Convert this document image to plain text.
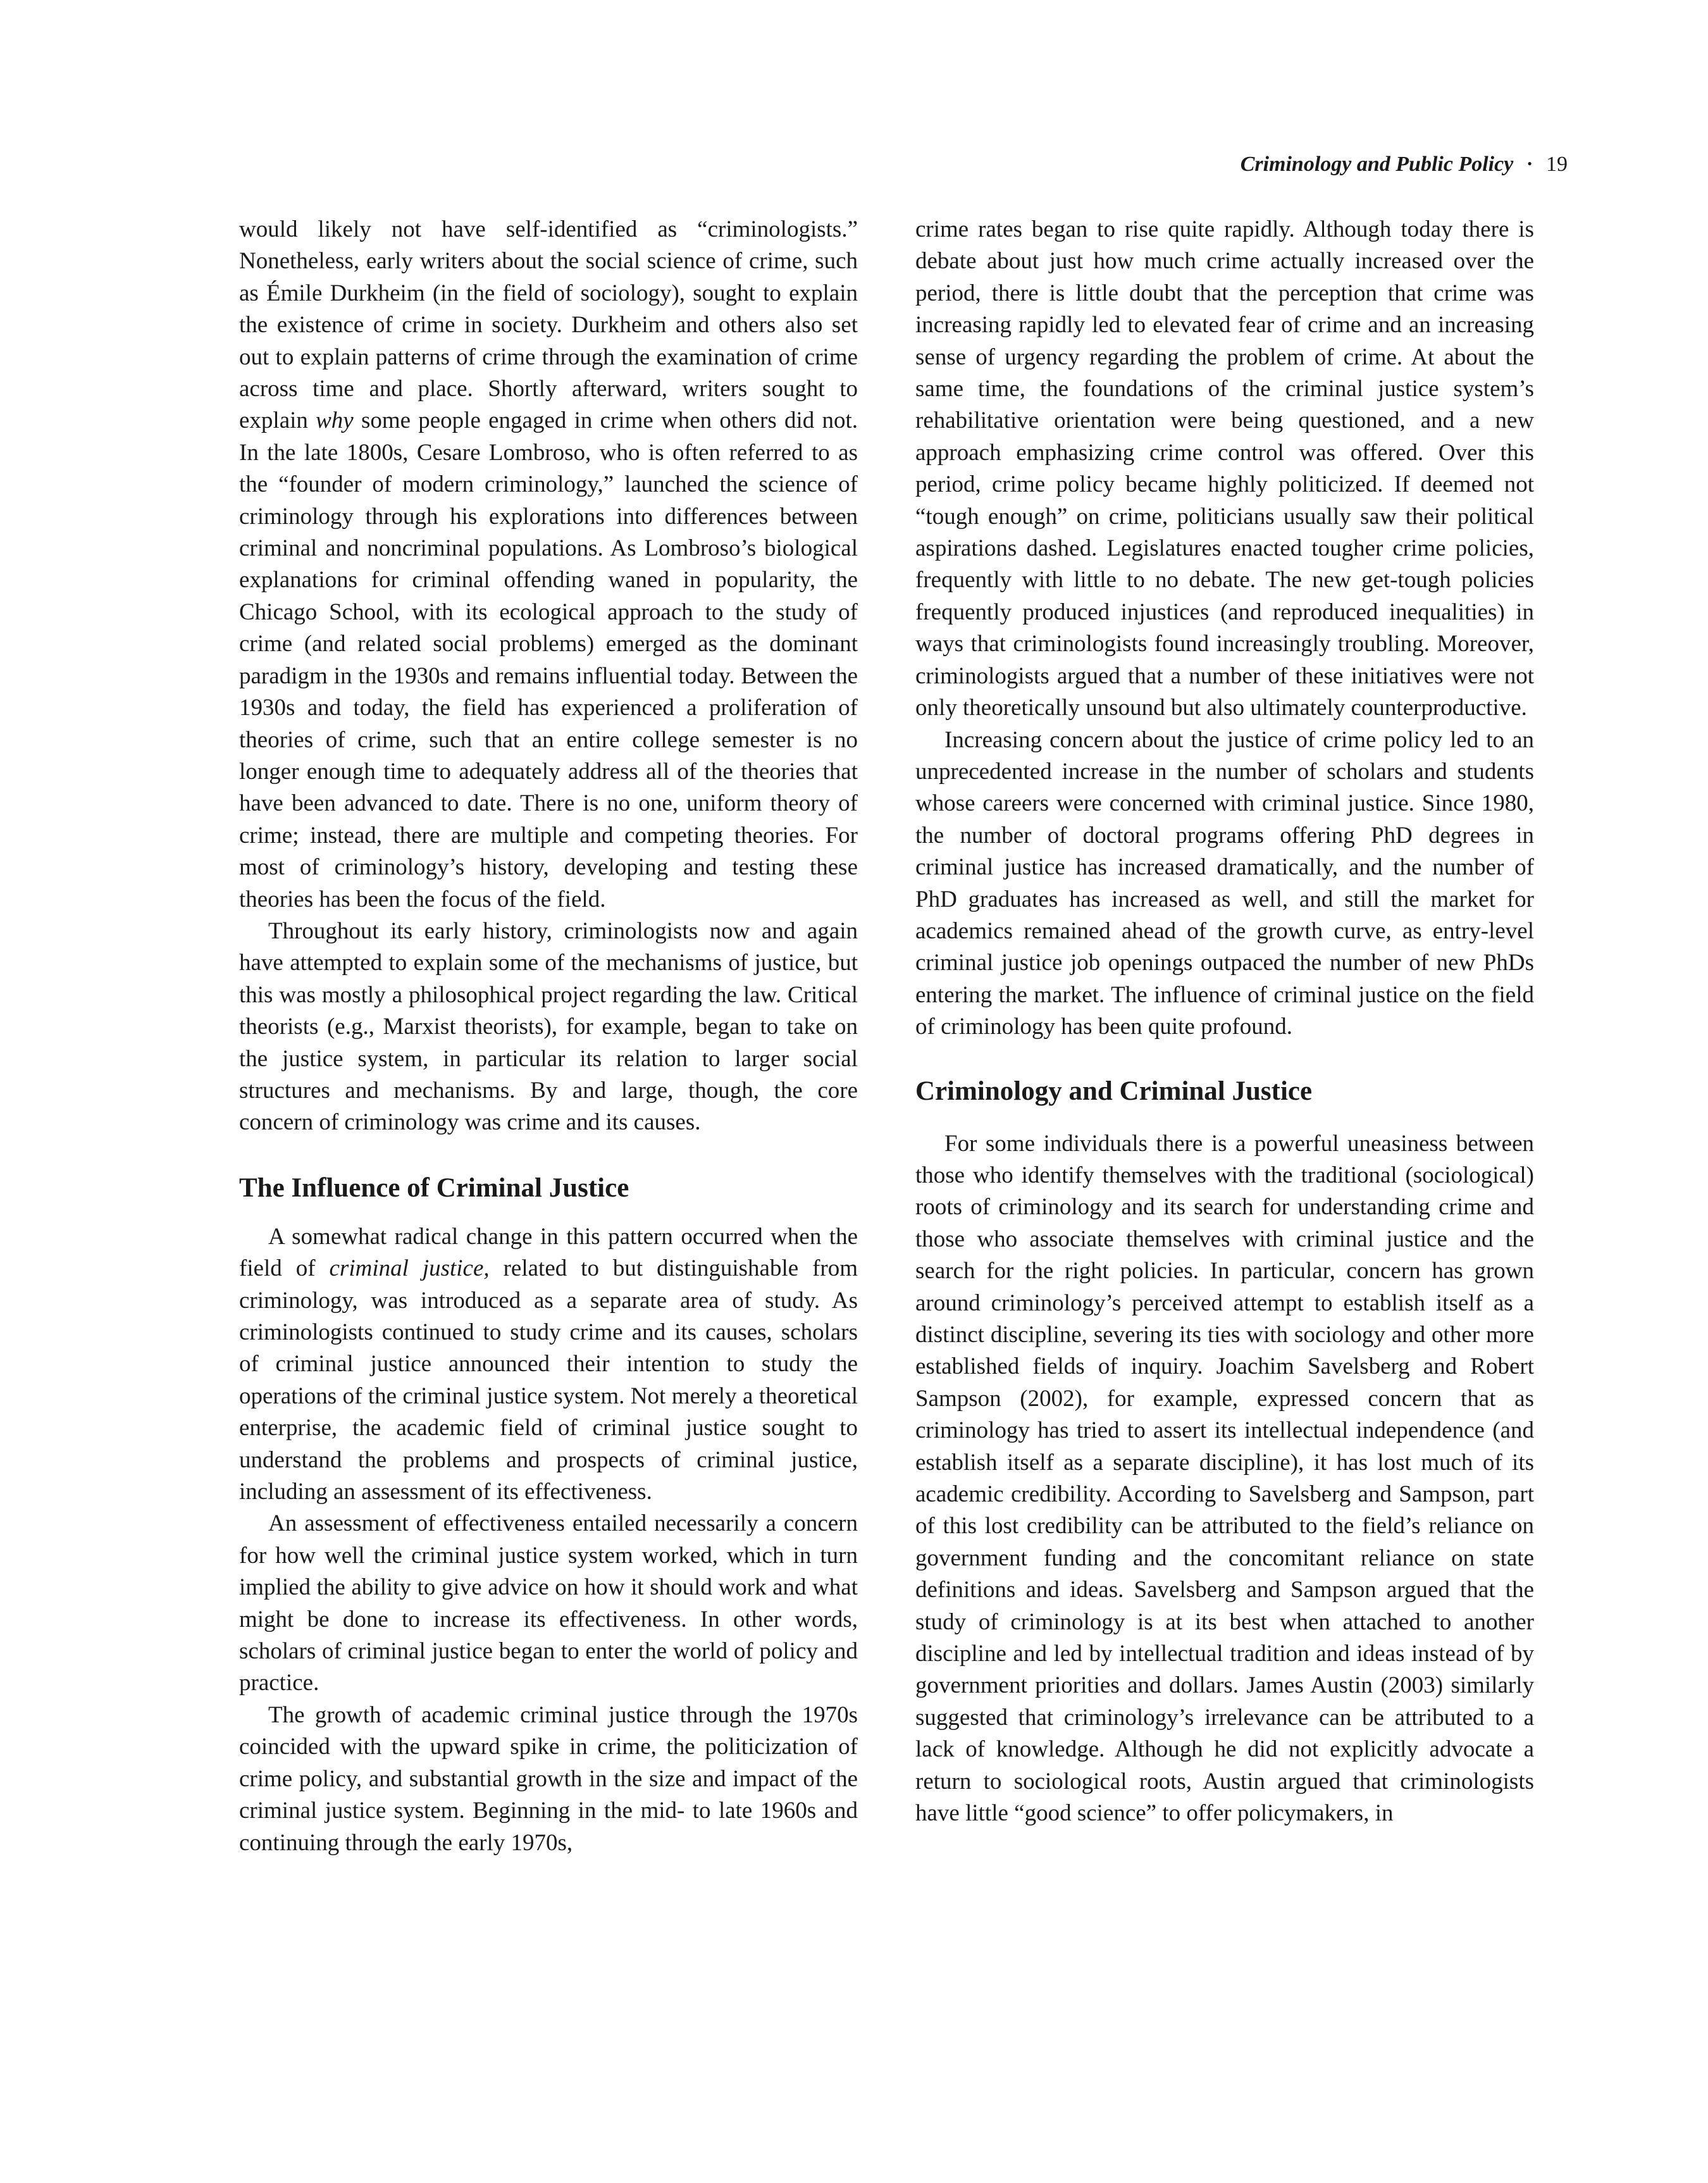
Criminology and Public Policy • 19

would likely not have self-identified as “criminologists.” Nonetheless, early writers about the social science of crime, such as Émile Durkheim (in the field of sociology), sought to explain the existence of crime in society. Durkheim and others also set out to explain patterns of crime through the examination of crime across time and place. Shortly afterward, writers sought to explain why some people engaged in crime when others did not. In the late 1800s, Cesare Lombroso, who is often referred to as the “founder of modern criminology,” launched the science of criminology through his explorations into differences between criminal and noncriminal populations. As Lombroso’s biological explanations for criminal offending waned in popularity, the Chicago School, with its ecological approach to the study of crime (and related social problems) emerged as the dominant paradigm in the 1930s and remains influential today. Between the 1930s and today, the field has experienced a proliferation of theories of crime, such that an entire college semester is no longer enough time to adequately address all of the theories that have been advanced to date. There is no one, uniform theory of crime; instead, there are multiple and competing theories. For most of criminology’s history, developing and testing these theories has been the focus of the field.

Throughout its early history, criminologists now and again have attempted to explain some of the mechanisms of justice, but this was mostly a philosophical project regarding the law. Critical theorists (e.g., Marxist theorists), for example, began to take on the justice system, in particular its relation to larger social structures and mechanisms. By and large, though, the core concern of criminology was crime and its causes.

The Influence of Criminal Justice

A somewhat radical change in this pattern occurred when the field of criminal justice, related to but distinguishable from criminology, was introduced as a separate area of study. As criminologists continued to study crime and its causes, scholars of criminal justice announced their intention to study the operations of the criminal justice system. Not merely a theoretical enterprise, the academic field of criminal justice sought to understand the problems and prospects of criminal justice, including an assessment of its effectiveness.

An assessment of effectiveness entailed necessarily a concern for how well the criminal justice system worked, which in turn implied the ability to give advice on how it should work and what might be done to increase its effectiveness. In other words, scholars of criminal justice began to enter the world of policy and practice.

The growth of academic criminal justice through the 1970s coincided with the upward spike in crime, the politicization of crime policy, and substantial growth in the size and impact of the criminal justice system. Beginning in the mid- to late 1960s and continuing through the early 1970s,

crime rates began to rise quite rapidly. Although today there is debate about just how much crime actually increased over the period, there is little doubt that the perception that crime was increasing rapidly led to elevated fear of crime and an increasing sense of urgency regarding the problem of crime. At about the same time, the foundations of the criminal justice system’s rehabilitative orientation were being questioned, and a new approach emphasizing crime control was offered. Over this period, crime policy became highly politicized. If deemed not “tough enough” on crime, politicians usually saw their political aspirations dashed. Legislatures enacted tougher crime policies, frequently with little to no debate. The new get-tough policies frequently produced injustices (and reproduced inequalities) in ways that criminologists found increasingly troubling. Moreover, criminologists argued that a number of these initiatives were not only theoretically unsound but also ultimately counterproductive.

Increasing concern about the justice of crime policy led to an unprecedented increase in the number of scholars and students whose careers were concerned with criminal justice. Since 1980, the number of doctoral programs offering PhD degrees in criminal justice has increased dramatically, and the number of PhD graduates has increased as well, and still the market for academics remained ahead of the growth curve, as entry-level criminal justice job openings outpaced the number of new PhDs entering the market. The influence of criminal justice on the field of criminology has been quite profound.

Criminology and Criminal Justice

For some individuals there is a powerful uneasiness between those who identify themselves with the traditional (sociological) roots of criminology and its search for understanding crime and those who associate themselves with criminal justice and the search for the right policies. In particular, concern has grown around criminology’s perceived attempt to establish itself as a distinct discipline, severing its ties with sociology and other more established fields of inquiry. Joachim Savelsberg and Robert Sampson (2002), for example, expressed concern that as criminology has tried to assert its intellectual independence (and establish itself as a separate discipline), it has lost much of its academic credibility. According to Savelsberg and Sampson, part of this lost credibility can be attributed to the field’s reliance on government funding and the concomitant reliance on state definitions and ideas. Savelsberg and Sampson argued that the study of criminology is at its best when attached to another discipline and led by intellectual tradition and ideas instead of by government priorities and dollars. James Austin (2003) similarly suggested that criminology’s irrelevance can be attributed to a lack of knowledge. Although he did not explicitly advocate a return to sociological roots, Austin argued that criminologists have little “good science” to offer policymakers, in
